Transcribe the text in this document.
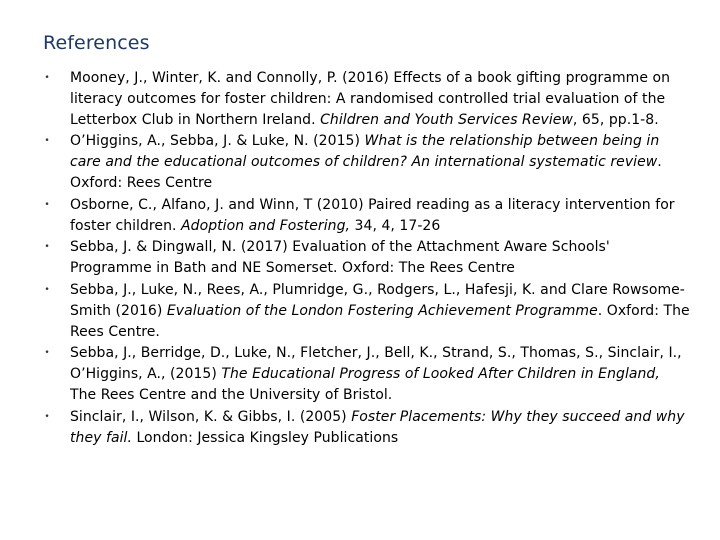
References
•	Mooney, J., Winter, K. and Connolly, P. (2016) Effects of a book gifting programme on literacy outcomes for foster children: A randomised controlled trial evaluation of the Letterbox Club in Northern Ireland. Children and Youth Services Review, 65, pp.1-8.
•	O’Higgins, A., Sebba, J. & Luke, N. (2015) What is the relationship between being in care and the educational outcomes of children? An international systematic review. Oxford: Rees Centre
•	Osborne, C., Alfano, J. and Winn, T (2010) Paired reading as a literacy intervention for foster children. Adoption and Fostering, 34, 4, 17-26
•	Sebba, J. & Dingwall, N. (2017) Evaluation of the Attachment Aware Schools' Programme in Bath and NE Somerset. Oxford: The Rees Centre
•	Sebba, J., Luke, N., Rees, A., Plumridge, G., Rodgers, L., Hafesji, K. and Clare Rowsome-Smith (2016) Evaluation of the London Fostering Achievement Programme. Oxford: The Rees Centre.
•	Sebba, J., Berridge, D., Luke, N., Fletcher, J., Bell, K., Strand, S., Thomas, S., Sinclair, I., O’Higgins, A., (2015) The Educational Progress of Looked After Children in England, The Rees Centre and the University of Bristol.
•	Sinclair, I., Wilson, K. & Gibbs, I. (2005) Foster Placements: Why they succeed and why they fail. London: Jessica Kingsley Publications
